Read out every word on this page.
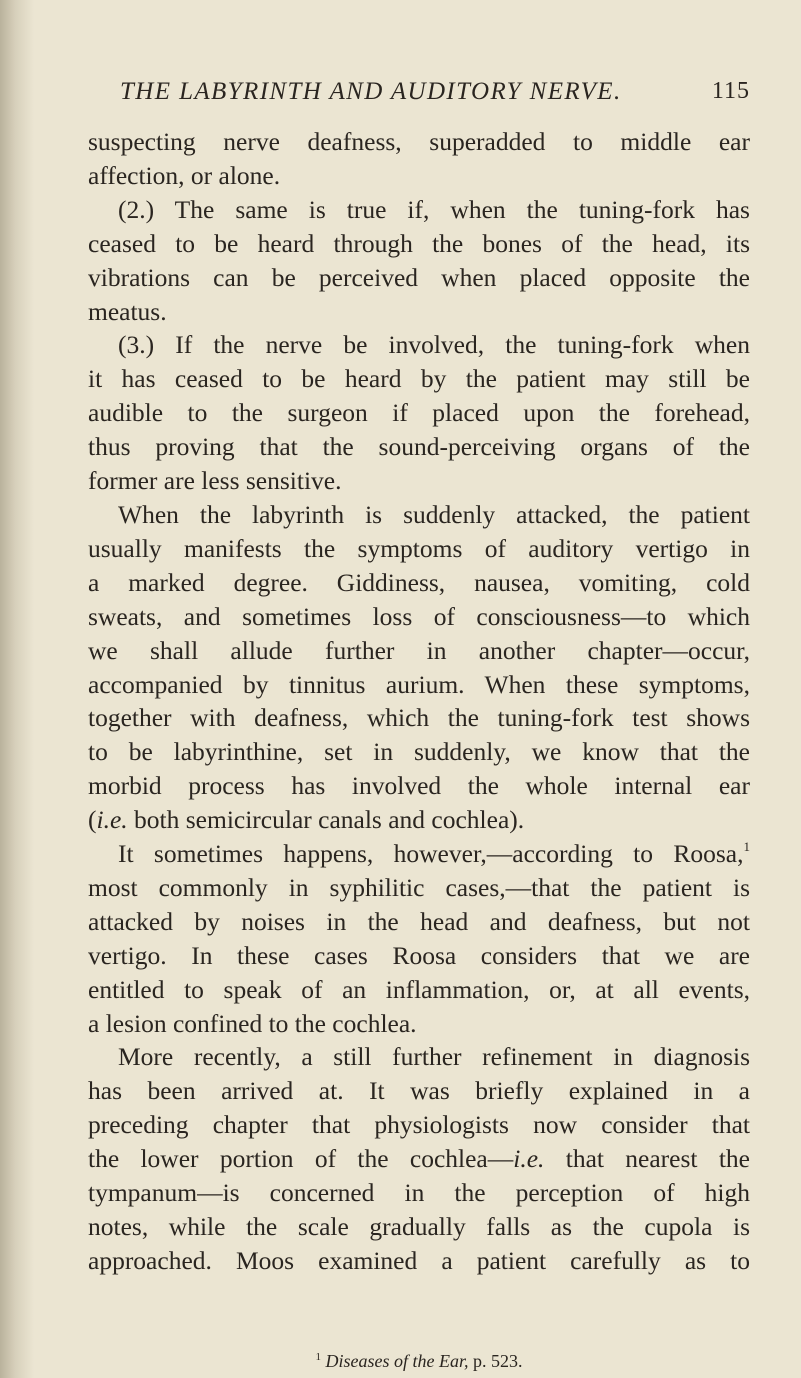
THE LABYRINTH AND AUDITORY NERVE.	115
suspecting nerve deafness, superadded to middle ear
affection, or alone.
(2.) The same is true if, when the tuning-fork has
ceased to be heard through the bones of the head, its
vibrations can be perceived when placed opposite the
meatus.
(3.) If the nerve be involved, the tuning-fork when
it has ceased to be heard by the patient may still be
audible to the surgeon if placed upon the forehead,
thus proving that the sound-perceiving organs of the
former are less sensitive.
When the labyrinth is suddenly attacked, the patient
usually manifests the symptoms of auditory vertigo in
a marked degree. Giddiness, nausea, vomiting, cold
sweats, and sometimes loss of consciousness—to which
we shall allude further in another chapter—occur,
accompanied by tinnitus aurium. When these symptoms,
together with deafness, which the tuning-fork test shows
to be labyrinthine, set in suddenly, we know that the
morbid process has involved the whole internal ear
(i.e. both semicircular canals and cochlea).
It sometimes happens, however,—according to Roosa,$^1$
most commonly in syphilitic cases,—that the patient is
attacked by noises in the head and deafness, but not
vertigo. In these cases Roosa considers that we are
entitled to speak of an inflammation, or, at all events,
a lesion confined to the cochlea.
More recently, a still further refinement in diagnosis
has been arrived at. It was briefly explained in a
preceding chapter that physiologists now consider that
the lower portion of the cochlea—i.e. that nearest the
tympanum—is concerned in the perception of high
notes, while the scale gradually falls as the cupola is
approached. Moos examined a patient carefully as to
$^1$ Diseases of the Ear, p. 523.
